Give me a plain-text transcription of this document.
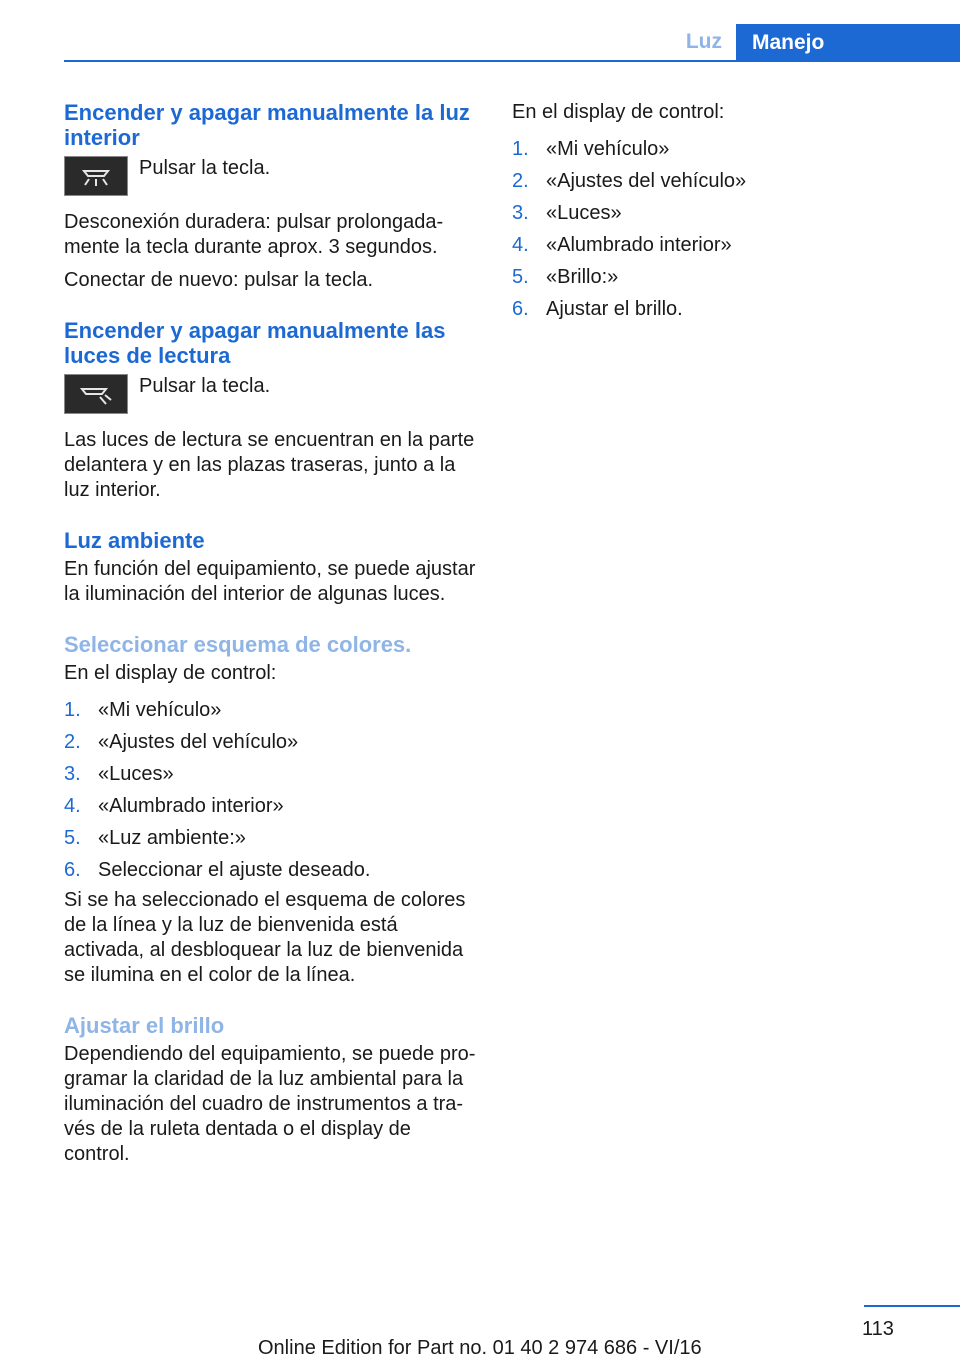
Luz	Manejo
Encender y apagar manualmente la luz interior
Pulsar la tecla.

Desconexión duradera: pulsar prolongada‐mente la tecla durante aprox. 3 segundos.

Conectar de nuevo: pulsar la tecla.

Encender y apagar manualmente las luces de lectura
Pulsar la tecla.

Las luces de lectura se encuentran en la parte delantera y en las plazas traseras, junto a la luz interior.

Luz ambiente

En función del equipamiento, se puede ajustar la iluminación del interior de algunas luces.

Seleccionar esquema de colores.

En el display de control:

1. «Mi vehículo»
2. «Ajustes del vehículo»
3. «Luces»
4. «Alumbrado interior»
5. «Luz ambiente:»
6. Seleccionar el ajuste deseado.

Si se ha seleccionado el esquema de colores de la línea y la luz de bienvenida está activada, al desbloquear la luz de bienvenida se ilumina en el color de la línea.

Ajustar el brillo

Dependiendo del equipamiento, se puede pro‐gramar la claridad de la luz ambiental para la iluminación del cuadro de instrumentos a tra‐vés de la ruleta dentada o el display de control.

En el display de control:

1. «Mi vehículo»
2. «Ajustes del vehículo»
3. «Luces»
4. «Alumbrado interior»
5. «Brillo:»
6. Ajustar el brillo.
113
Online Edition for Part no. 01 40 2 974 686 - VI/16
